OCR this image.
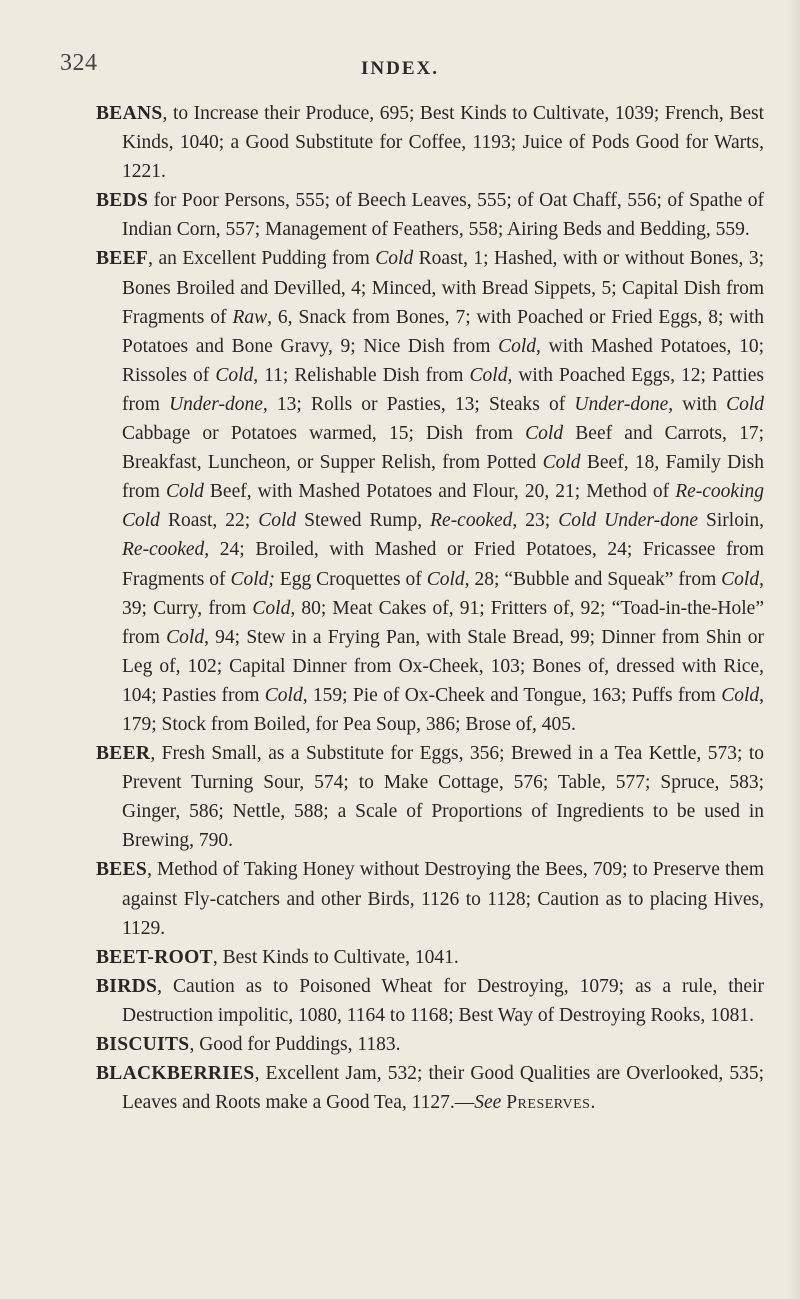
324	INDEX.

BEANS, to Increase their Produce, 695; Best Kinds to Cultivate, 1039; French, Best Kinds, 1040; a Good Substitute for Coffee, 1193; Juice of Pods Good for Warts, 1221.

BEDS for Poor Persons, 555; of Beech Leaves, 555; of Oat Chaff, 556; of Spathe of Indian Corn, 557; Management of Feathers, 558; Airing Beds and Bedding, 559.

BEEF, an Excellent Pudding from Cold Roast, 1; Hashed, with or without Bones, 3; Bones Broiled and Devilled, 4; Minced, with Bread Sippets, 5; Capital Dish from Fragments of Raw, 6, Snack from Bones, 7; with Poached or Fried Eggs, 8; with Potatoes and Bone Gravy, 9; Nice Dish from Cold, with Mashed Potatoes, 10; Rissoles of Cold, 11; Relishable Dish from Cold, with Poached Eggs, 12; Patties from Under-done, 13; Rolls or Pasties, 13; Steaks of Under-done, with Cold Cabbage or Potatoes warmed, 15; Dish from Cold Beef and Carrots, 17; Breakfast, Luncheon, or Supper Relish, from Potted Cold Beef, 18, Family Dish from Cold Beef, with Mashed Potatoes and Flour, 20, 21; Method of Re-cooking Cold Roast, 22; Cold Stewed Rump, Re-cooked, 23; Cold Under-done Sirloin, Re-cooked, 24; Broiled, with Mashed or Fried Potatoes, 24; Fricassee from Fragments of Cold; Egg Croquettes of Cold, 28; “Bubble and Squeak” from Cold, 39; Curry, from Cold, 80; Meat Cakes of, 91; Fritters of, 92; “Toad-in-the-Hole” from Cold, 94; Stew in a Frying Pan, with Stale Bread, 99; Dinner from Shin or Leg of, 102; Capital Dinner from Ox-Cheek, 103; Bones of, dressed with Rice, 104; Pasties from Cold, 159; Pie of Ox-Cheek and Tongue, 163; Puffs from Cold, 179; Stock from Boiled, for Pea Soup, 386; Brose of, 405.

BEER, Fresh Small, as a Substitute for Eggs, 356; Brewed in a Tea Kettle, 573; to Prevent Turning Sour, 574; to Make Cottage, 576; Table, 577; Spruce, 583; Ginger, 586; Nettle, 588; a Scale of Proportions of Ingredients to be used in Brewing, 790.

BEES, Method of Taking Honey without Destroying the Bees, 709; to Preserve them against Fly-catchers and other Birds, 1126 to 1128; Caution as to placing Hives, 1129.

BEET-ROOT, Best Kinds to Cultivate, 1041.

BIRDS, Caution as to Poisoned Wheat for Destroying, 1079; as a rule, their Destruction impolitic, 1080, 1164 to 1168; Best Way of Destroying Rooks, 1081.

BISCUITS, Good for Puddings, 1183.

BLACKBERRIES, Excellent Jam, 532; their Good Qualities are Overlooked, 535; Leaves and Roots make a Good Tea, 1127.—See Preserves.
